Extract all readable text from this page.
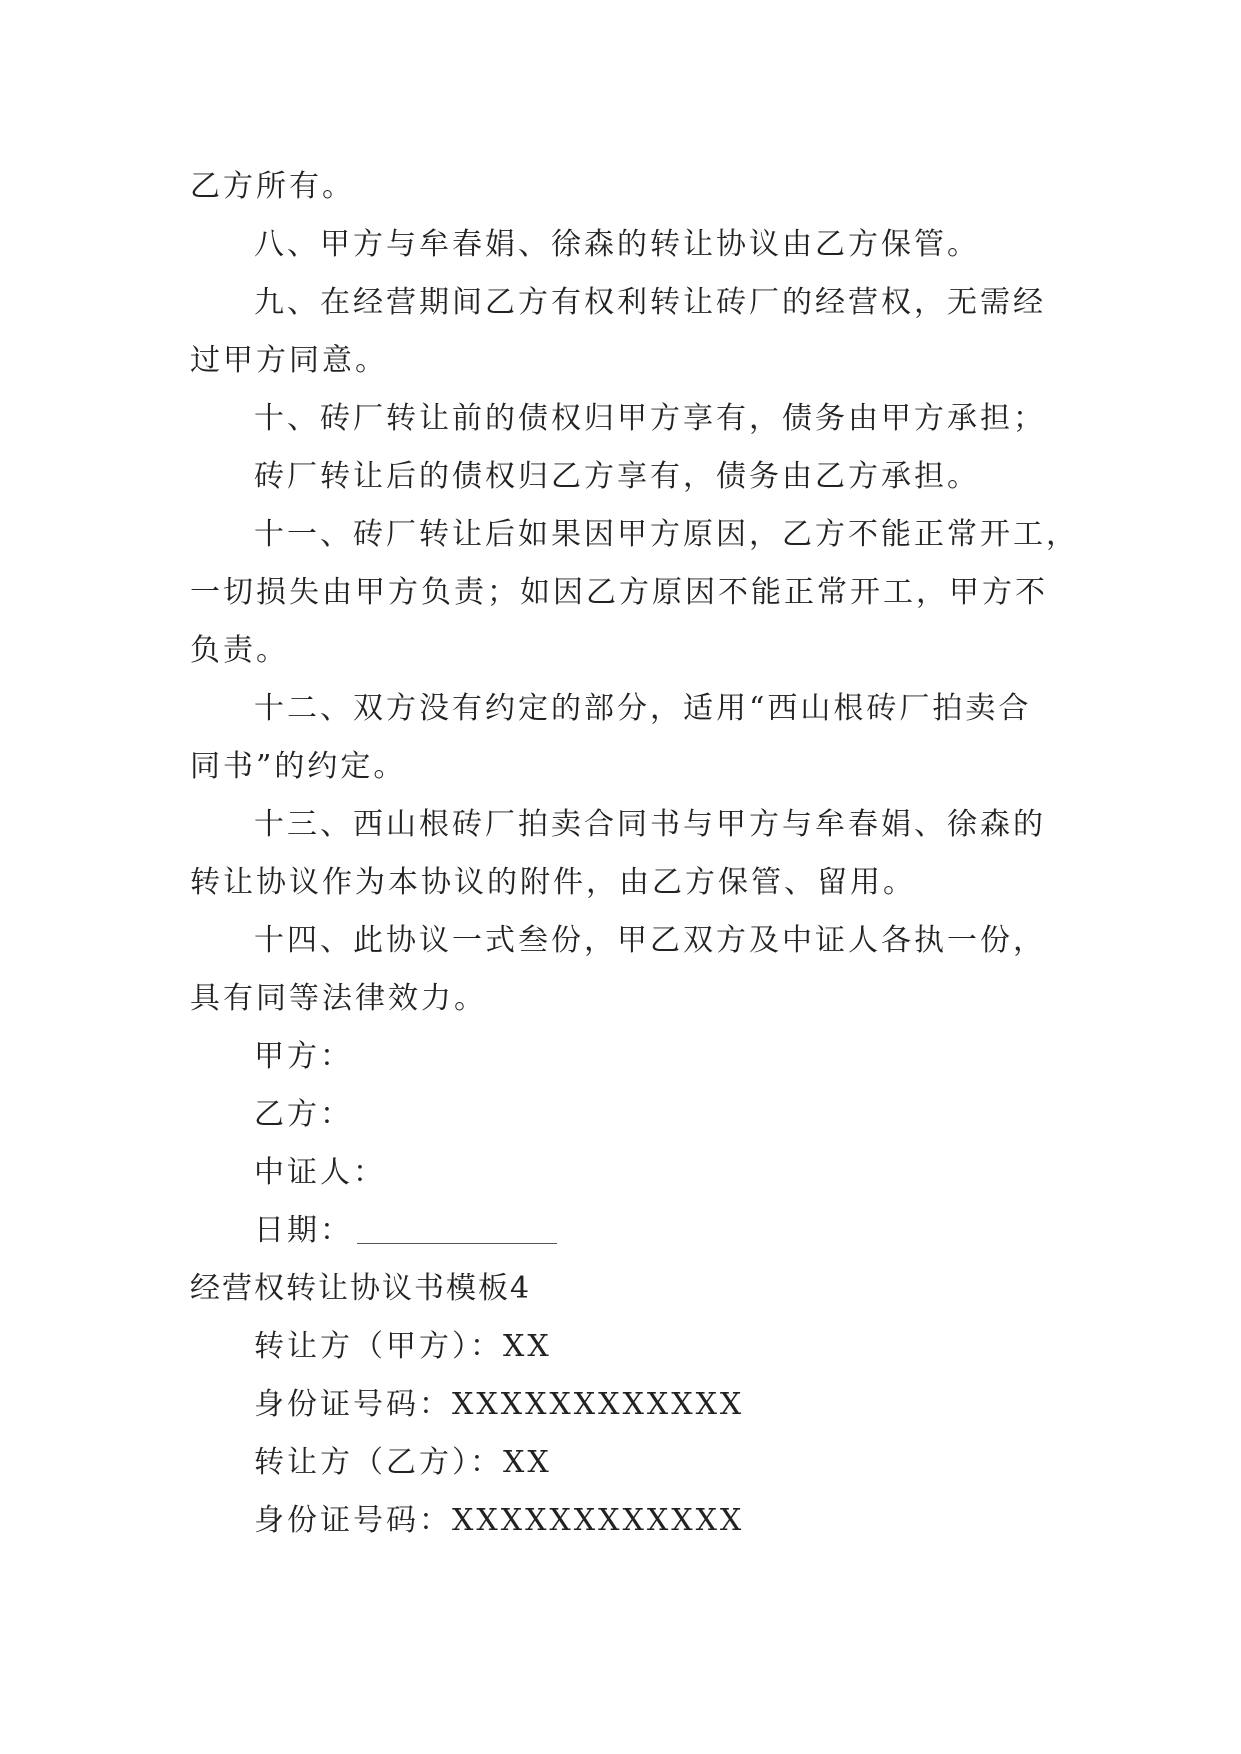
乙方所有。
八、甲方与牟春娟、徐森的转让协议由乙方保管。
九、在经营期间乙方有权利转让砖厂的经营权，无需经
过甲方同意。
十、砖厂转让前的债权归甲方享有，债务由甲方承担；
砖厂转让后的债权归乙方享有，债务由乙方承担。
十一、砖厂转让后如果因甲方原因，乙方不能正常开工，
一切损失由甲方负责；如因乙方原因不能正常开工，甲方不
负责。
十二、双方没有约定的部分，适用“西山根砖厂拍卖合
同书”的约定。
十三、西山根砖厂拍卖合同书与甲方与牟春娟、徐森的
转让协议作为本协议的附件，由乙方保管、留用。
十四、此协议一式叁份，甲乙双方及中证人各执一份，
具有同等法律效力。
甲方：
乙方：
中证人：
日期：
经营权转让协议书模板4
转让方（甲方）：XX
身份证号码：XXXXXXXXXXXX
转让方（乙方）：XX
身份证号码：XXXXXXXXXXXX
